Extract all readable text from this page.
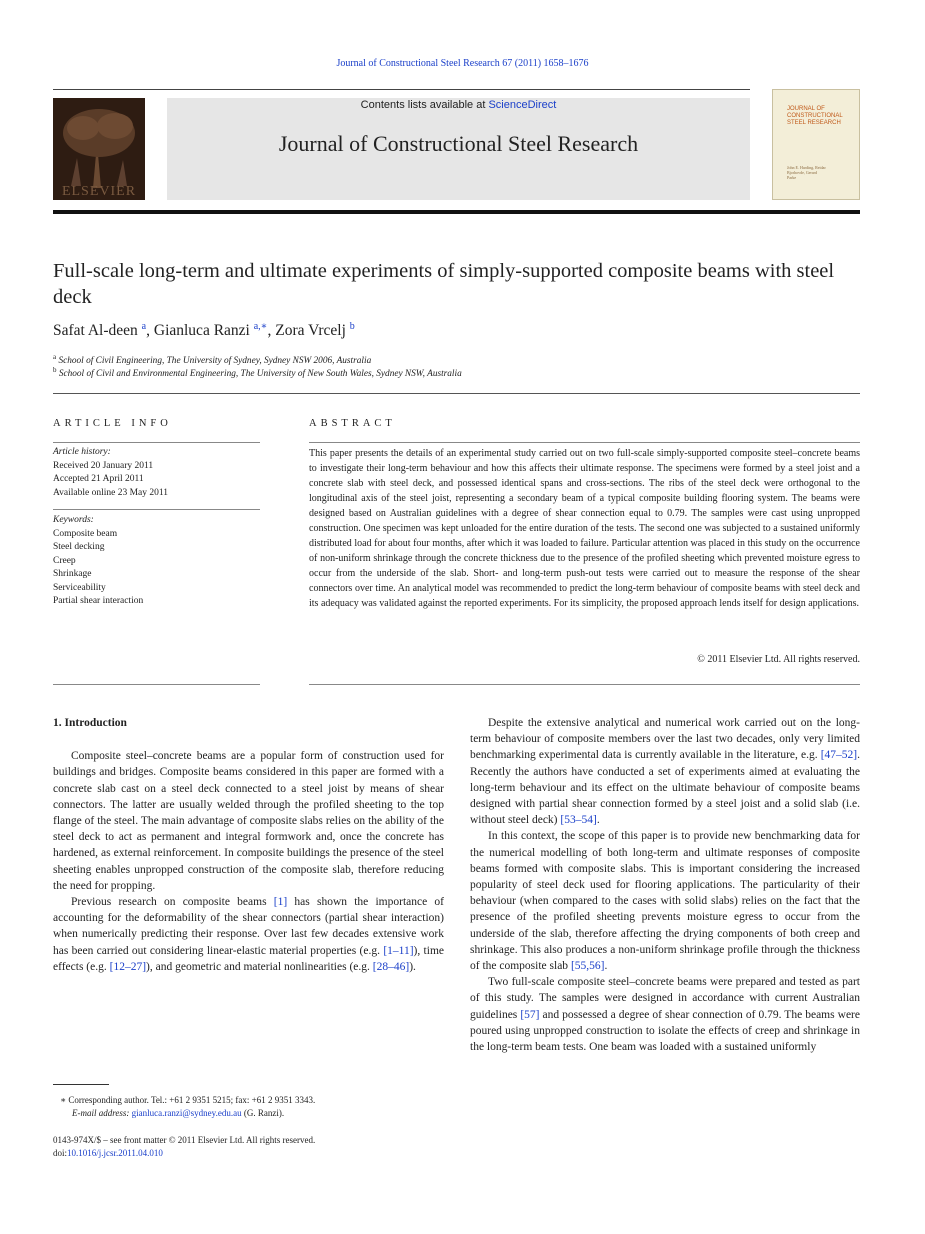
Journal of Constructional Steel Research 67 (2011) 1658–1676
ELSEVIER
Contents lists available at ScienceDirect
Journal of Constructional Steel Research
JOURNAL OF CONSTRUCTIONAL STEEL RESEARCH
John E. Harding, Reidar Bjorhovde, Gerard Parke
Full-scale long-term and ultimate experiments of simply-supported composite beams with steel deck
Safat Al-deen $^a$, Gianluca Ranzi $^{a,∗}$, Zora Vrcelj $^b$
$^a$ School of Civil Engineering, The University of Sydney, Sydney NSW 2006, Australia
$^b$ School of Civil and Environmental Engineering, The University of New South Wales, Sydney NSW, Australia
ARTICLE INFO
Article history:
Received 20 January 2011
Accepted 21 April 2011
Available online 23 May 2011
Keywords:
Composite beam
Steel decking
Creep
Shrinkage
Serviceability
Partial shear interaction
ABSTRACT
This paper presents the details of an experimental study carried out on two full-scale simply-supported composite steel–concrete beams to investigate their long-term behaviour and how this affects their ultimate response. The specimens were formed by a steel joist and a concrete slab with steel deck, and possessed identical spans and cross-sections. The ribs of the steel deck were orthogonal to the longitudinal axis of the steel joist, representing a secondary beam of a typical composite building flooring system. The beams were designed based on Australian guidelines with a degree of shear connection equal to 0.79. The samples were cast using unpropped construction. One specimen was kept unloaded for the entire duration of the tests. The second one was subjected to a sustained uniformly distributed load for about four months, after which it was loaded to failure. Particular attention was placed in this study on the occurrence of non-uniform shrinkage through the concrete thickness due to the presence of the profiled sheeting which prevented moisture egress to occur from the underside of the slab. Short- and long-term push-out tests were carried out to measure the response of the shear connectors over time. An analytical model was recommended to predict the long-term behaviour of composite beams with steel deck and its adequacy was validated against the reported experiments. For its simplicity, the proposed approach lends itself for design applications.
© 2011 Elsevier Ltd. All rights reserved.
1. Introduction

Composite steel–concrete beams are a popular form of construction used for buildings and bridges. Composite beams considered in this paper are formed with a concrete slab cast on a steel deck connected to a steel joist by means of shear connectors. The latter are usually welded through the profiled sheeting to the top flange of the steel. The main advantage of composite slabs relies on the ability of the steel deck to act as permanent and integral formwork and, once the concrete has hardened, as external reinforcement. In composite buildings the presence of the steel sheeting enables unpropped construction of the composite slab, therefore reducing the need for propping.

Previous research on composite beams [1] has shown the importance of accounting for the deformability of the shear connectors (partial shear interaction) when numerically predicting their response. Over last few decades extensive work has been carried out considering linear-elastic material properties (e.g. [1–11]), time effects (e.g. [12–27]), and geometric and material nonlinearities (e.g. [28–46]).

Despite the extensive analytical and numerical work carried out on the long-term behaviour of composite members over the last two decades, only very limited benchmarking experimental data is currently available in the literature, e.g. [47–52]. Recently the authors have conducted a set of experiments aimed at evaluating the long-term behaviour and its effect on the ultimate behaviour of composite beams designed with partial shear connection formed by a steel joist and a solid slab (i.e. without steel deck) [53–54].

In this context, the scope of this paper is to provide new benchmarking data for the numerical modelling of both long-term and ultimate responses of composite beams formed with composite slabs. This is important considering the increased popularity of steel deck used for flooring applications. The particularity of their behaviour (when compared to the cases with solid slabs) relies on the fact that the presence of the profiled sheeting prevents moisture egress to occur from the underside of the slab, therefore affecting the drying components of both creep and shrinkage. This also produces a non-uniform shrinkage profile through the thickness of the composite slab [55,56].

Two full-scale composite steel–concrete beams were prepared and tested as part of this study. The samples were designed in accordance with current Australian guidelines [57] and possessed a degree of shear connection of 0.79. The beams were poured using unpropped construction to isolate the effects of creep and shrinkage in the long-term beam tests. One beam was loaded with a sustained uniformly

∗ Corresponding author. Tel.: +61 2 9351 5215; fax: +61 2 9351 3343.
E-mail address: gianluca.ranzi@sydney.edu.au (G. Ranzi).
0143-974X/$ – see front matter © 2011 Elsevier Ltd. All rights reserved.
doi:10.1016/j.jcsr.2011.04.010
